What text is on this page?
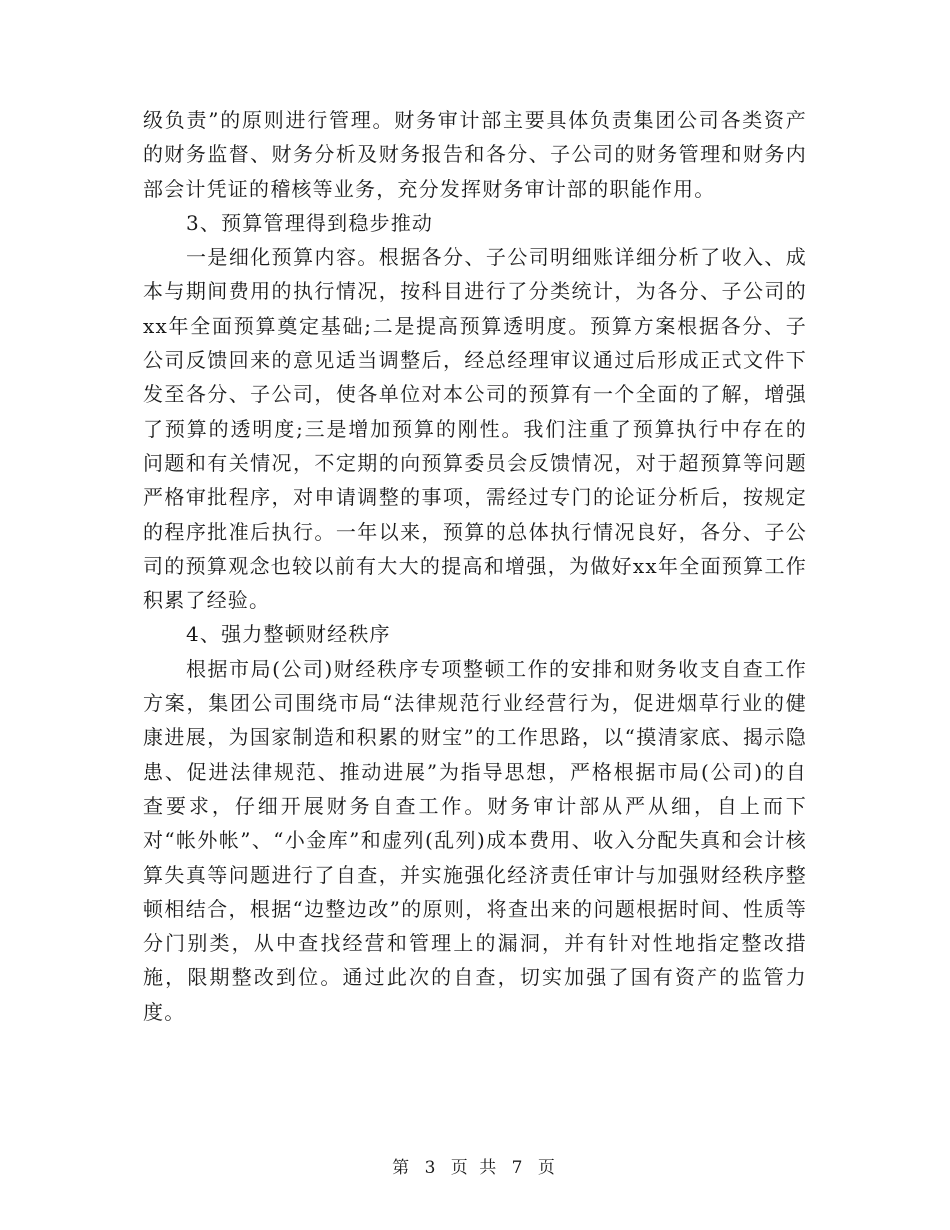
级负责”的原则进行管理。财务审计部主要具体负责集团公司各类资产的财务监督、财务分析及财务报告和各分、子公司的财务管理和财务内部会计凭证的稽核等业务，充分发挥财务审计部的职能作用。

3、预算管理得到稳步推动

一是细化预算内容。根据各分、子公司明细账详细分析了收入、成本与期间费用的执行情况，按科目进行了分类统计，为各分、子公司的xx年全面预算奠定基础;二是提高预算透明度。预算方案根据各分、子公司反馈回来的意见适当调整后，经总经理审议通过后形成正式文件下发至各分、子公司，使各单位对本公司的预算有一个全面的了解，增强了预算的透明度;三是增加预算的刚性。我们注重了预算执行中存在的问题和有关情况，不定期的向预算委员会反馈情况，对于超预算等问题严格审批程序，对申请调整的事项，需经过专门的论证分析后，按规定的程序批准后执行。一年以来，预算的总体执行情况良好，各分、子公司的预算观念也较以前有大大的提高和增强，为做好xx年全面预算工作积累了经验。

4、强力整顿财经秩序

根据市局(公司)财经秩序专项整顿工作的安排和财务收支自查工作方案，集团公司围绕市局“法律规范行业经营行为，促进烟草行业的健康进展，为国家制造和积累的财宝”的工作思路，以“摸清家底、揭示隐患、促进法律规范、推动进展”为指导思想，严格根据市局(公司)的自查要求，仔细开展财务自查工作。财务审计部从严从细，自上而下对“帐外帐”、“小金库”和虚列(乱列)成本费用、收入分配失真和会计核算失真等问题进行了自查，并实施强化经济责任审计与加强财经秩序整顿相结合，根据“边整边改”的原则，将查出来的问题根据时间、性质等分门别类，从中查找经营和管理上的漏洞，并有针对性地指定整改措施，限期整改到位。通过此次的自查，切实加强了国有资产的监管力度。

第 3 页 共 7 页
